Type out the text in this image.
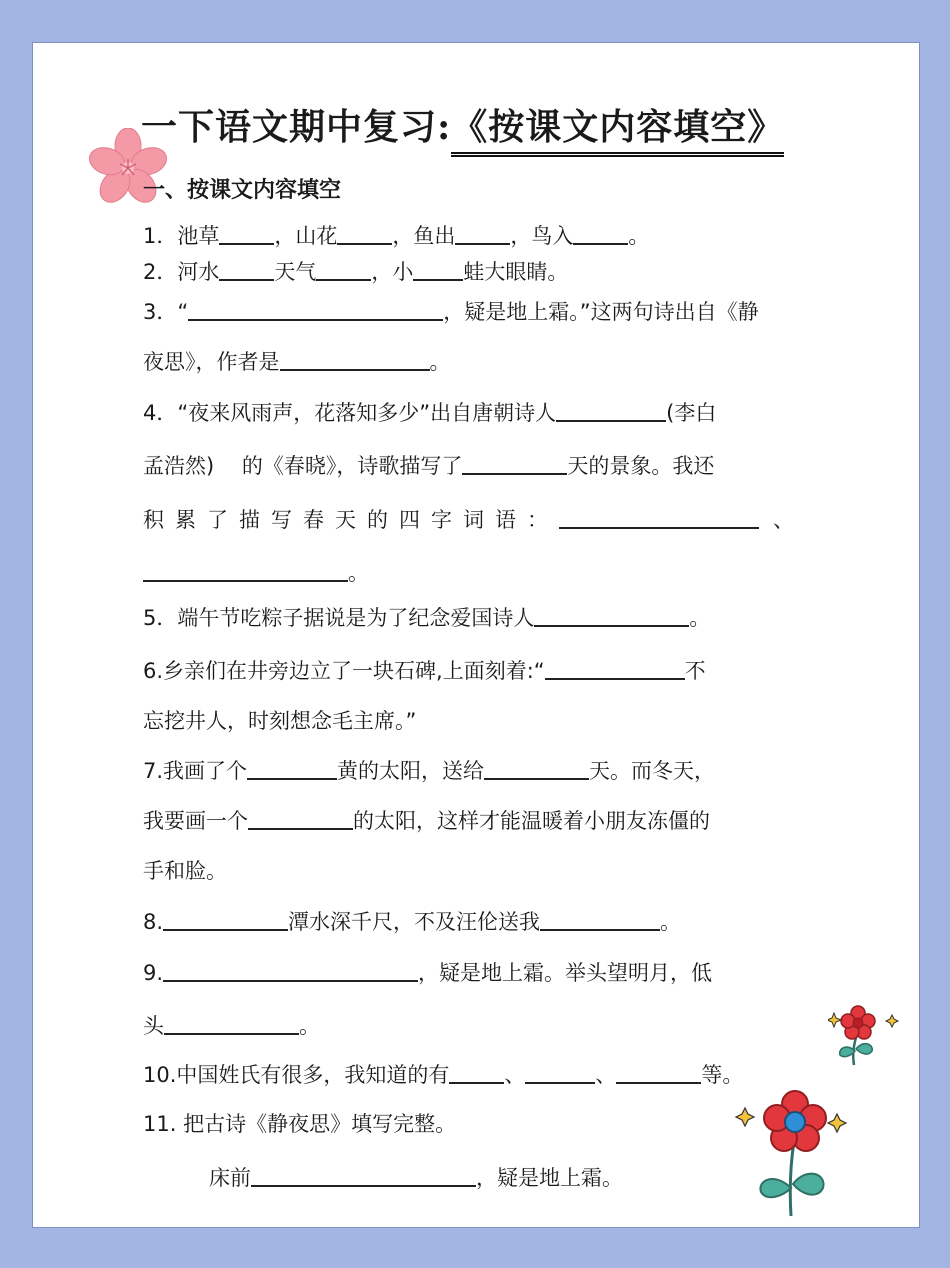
一下语文期中复习:《按课文内容填空》
一、按课文内容填空
1．池草	，山花	，鱼出	，鸟入	。
2．河水	天气	，小 蛙大眼睛。
3．“	，疑是地上霜。”这两句诗出自《静
夜思》，作者是	。
4．“夜来风雨声，花落知多少”出自唐朝诗人	(李白
孟浩然)　 的《春晓》，诗歌描写了	天的景象。我还
积累了描写春天的四字词语：	、
。
5．端午节吃粽子据说是为了纪念爱国诗人	。
6.乡亲们在井旁边立了一块石碑,上面刻着:“	不
忘挖井人，时刻想念毛主席。”
7.我画了个	黄的太阳，送给	天。而冬天，
我要画一个	的太阳，这样才能温暖着小朋友冻僵的
手和脸。
8.	潭水深千尺，不及汪伦送我	。
9.	，疑是地上霜。举头望明月，低
头	。
10.中国姓氏有很多，我知道的有	、	、	等。
11. 把古诗《静夜思》填写完整。
床前	，疑是地上霜。
